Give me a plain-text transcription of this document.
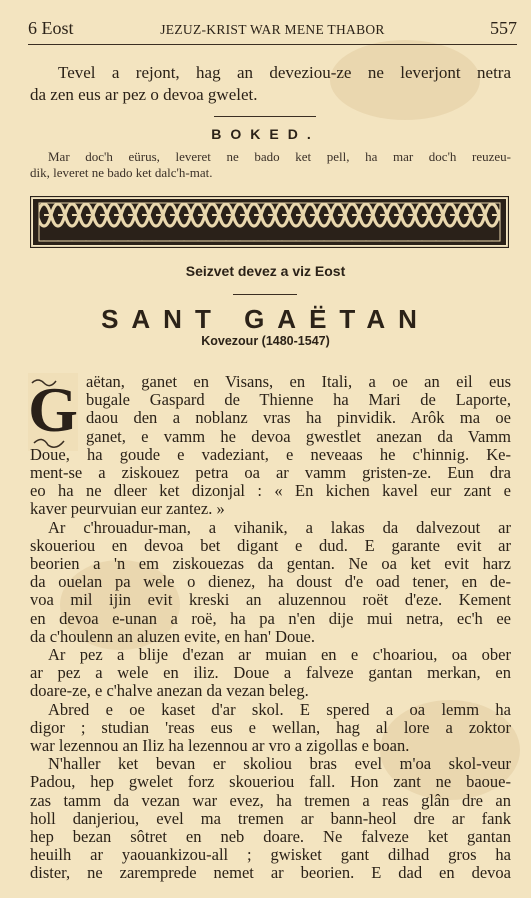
6 Eost	JEZUZ-KRIST WAR MENE THABOR	557
Tevel a rejont, hag an deveziou-ze ne leverjont netra
da zen eus ar pez o devoa gwelet.
BOKED.
Mar doc'h eürus, leveret ne bado ket pell, ha mar doc'h reuzeu-
dik, leveret ne bado ket dalc'h-mat.
Seizvet devez a viz Eost
SANT GAËTAN
Kovezour (1480-1547)
G aëtan, ganet en Visans, en Itali, a oe an eil eus
bugale Gaspard de Thienne ha Mari de Laporte,
daou den a noblanz vras ha pinvidik. Arôk ma oe
ganet, e vamm he devoa gwestlet anezan da Vamm
Doue, ha goude e vadeziant, e neveaas he c'hinnig. Ke-
ment-se a ziskouez petra oa ar vamm gristen-ze. Eun dra
eo ha ne dleer ket dizonjal : « En kichen kavel eur zant e
kaver peurvuian eur zantez. »
Ar c'hrouadur-man, a vihanik, a lakas da dalvezout ar
skoueriou en devoa bet digant e dud. E garante evit ar
beorien a 'n em ziskouezas da gentan. Ne oa ket evit harz
da ouelan pa wele o dienez, ha doust d'e oad tener, en de-
voa mil ijin evit kreski an aluzennou roët d'eze. Kement
en devoa e-unan a roë, ha pa n'en dije mui netra, ec'h ee
da c'houlenn an aluzen evite, en han' Doue.
Ar pez a blije d'ezan ar muian en e c'hoariou, oa ober
ar pez a wele en iliz. Doue a falveze gantan merkan, en
doare-ze, e c'halve anezan da vezan beleg.
Abred e oe kaset d'ar skol. E spered a oa lemm ha
digor ; studian 'reas eus e wellan, hag al lore a zoktor
war lezennou an Iliz ha lezennou ar vro a zigollas e boan.
N'haller ket bevan er skoliou bras evel m'oa skol-veur
Padou, hep gwelet forz skoueriou fall. Hon zant ne baoue-
zas tamm da vezan war evez, ha tremen a reas glân dre an
holl danjeriou, evel ma tremen ar bann-heol dre ar fank
hep bezan sôtret en neb doare. Ne falveze ket gantan
heuilh ar yaouankizou-all ; gwisket gant dilhad gros ha
dister, ne zarempredе nemet ar beorien. E dad en devoa
